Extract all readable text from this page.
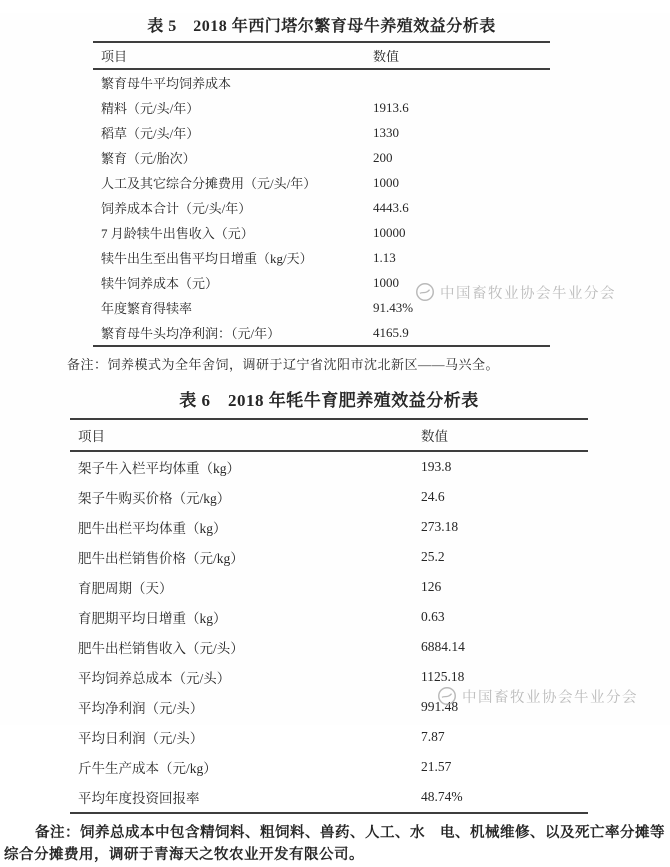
中国畜牧业协会牛业分会
中国畜牧业协会牛业分会
表 5　2018 年西门塔尔繁育母牛养殖效益分析表
项目	数值
繁育母牛平均饲养成本	
精料（元/头/年）	1913.6
稻草（元/头/年）	1330
繁育（元/胎次）	200
人工及其它综合分摊费用（元/头/年）	1000
饲养成本合计（元/头/年）	4443.6
7 月龄犊牛出售收入（元）	10000
犊牛出生至出售平均日增重（kg/天）	1.13
犊牛饲养成本（元）	1000
年度繁育得犊率	91.43%
繁育母牛头均净利润：（元/年）	4165.9

备注：饲养模式为全年舍饲，调研于辽宁省沈阳市沈北新区——马兴全。

表 6　2018 年牦牛育肥养殖效益分析表
项目	数值
架子牛入栏平均体重（kg）	193.8
架子牛购买价格（元/kg）	24.6
肥牛出栏平均体重（kg）	273.18
肥牛出栏销售价格（元/kg）	25.2
育肥周期（天）	126
育肥期平均日增重（kg）	0.63
肥牛出栏销售收入（元/头）	6884.14
平均饲养总成本（元/头）	1125.18
平均净利润（元/头）	991.48
平均日利润（元/头）	7.87
斤牛生产成本（元/kg）	21.57
平均年度投资回报率	48.74%

备注：饲养总成本中包含精饲料、粗饲料、兽药、人工、水　电、机械维修、以及死亡率分摊等综合分摊费用，调研于青海天之牧农业开发有限公司。
